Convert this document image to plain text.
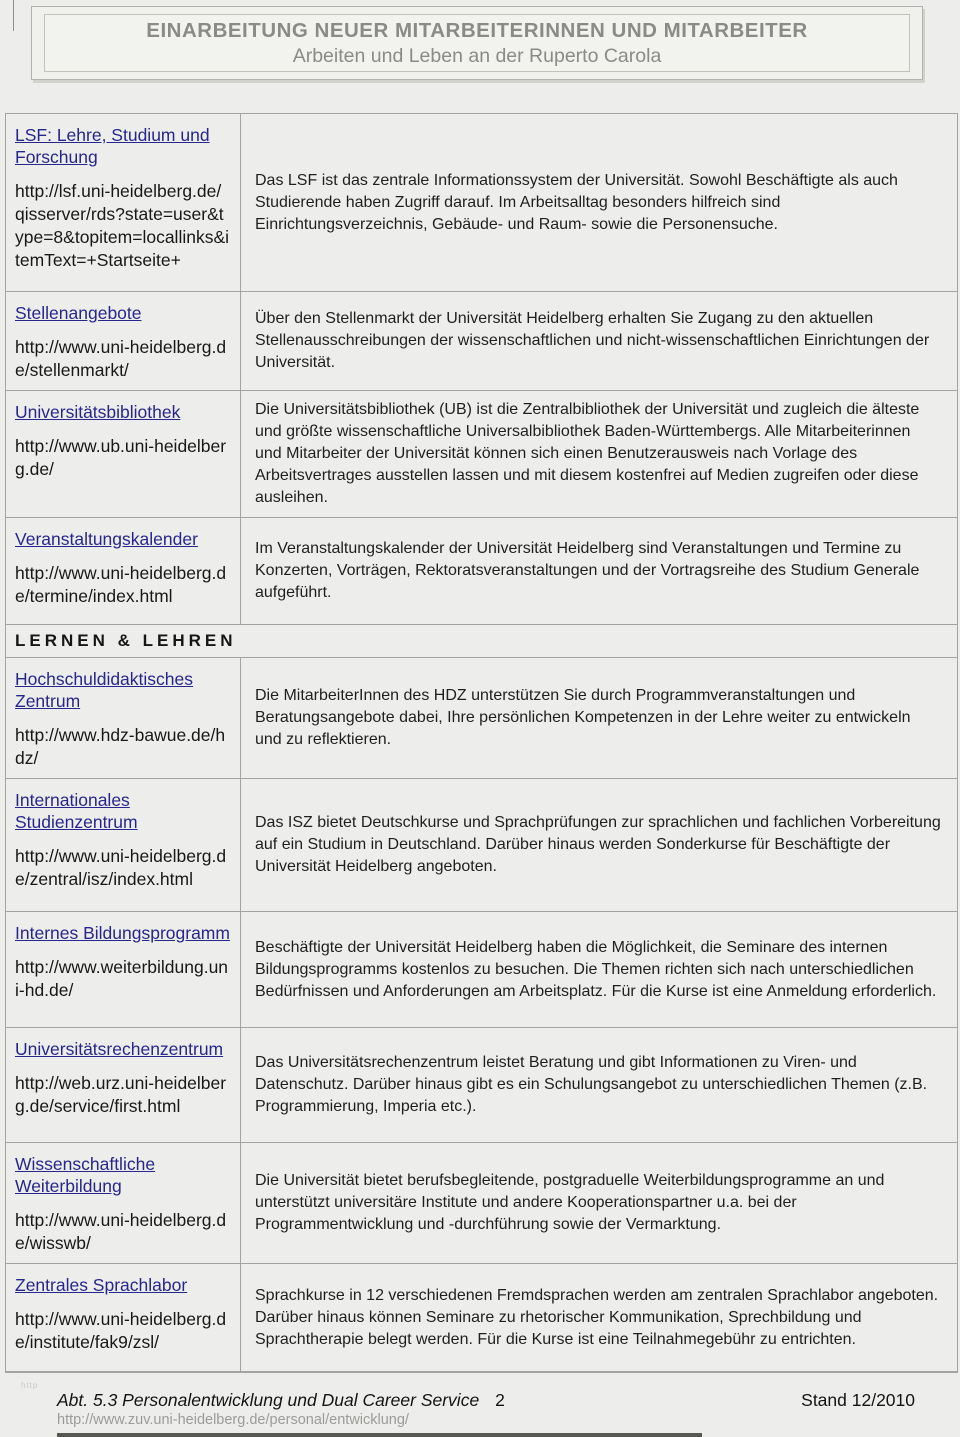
EINARBEITUNG NEUER MITARBEITERINNEN UND MITARBEITER
Arbeiten und Leben an der Ruperto Carola
LSF: Lehre, Studium und Forschung
http://lsf.uni-heidelberg.de/qisserver/rds?state=user&type=8&topitem=locallinks&itemText=+Startseite+

Das LSF ist das zentrale Informationssystem der Universität. Sowohl Beschäftigte als auch Studierende haben Zugriff darauf. Im Arbeitsalltag besonders hilfreich sind Einrichtungsverzeichnis, Gebäude- und Raum- sowie die Personensuche.

Stellenangebote
http://www.uni-heidelberg.de/stellenmarkt/

Über den Stellenmarkt der Universität Heidelberg erhalten Sie Zugang zu den aktuellen Stellenausschreibungen der wissenschaftlichen und nicht-wissenschaftlichen Einrichtungen der Universität.

Universitätsbibliothek
http://www.ub.uni-heidelberg.de/

Die Universitätsbibliothek (UB) ist die Zentralbibliothek der Universität und zugleich die älteste und größte wissenschaftliche Universalbibliothek Baden-Württembergs. Alle Mitarbeiterinnen und Mitarbeiter der Universität können sich einen Benutzerausweis nach Vorlage des Arbeitsvertrages ausstellen lassen und mit diesem kostenfrei auf Medien zugreifen oder diese ausleihen.

Veranstaltungskalender
http://www.uni-heidelberg.de/termine/index.html

Im Veranstaltungskalender der Universität Heidelberg sind Veranstaltungen und Termine zu Konzerten, Vorträgen, Rektoratsveranstaltungen und der Vortragsreihe des Studium Generale aufgeführt.

LERNEN & LEHREN
Hochschuldidaktisches Zentrum
http://www.hdz-bawue.de/hdz/

Die MitarbeiterInnen des HDZ unterstützen Sie durch Programmveranstaltungen und Beratungsangebote dabei, Ihre persönlichen Kompetenzen in der Lehre weiter zu entwickeln und zu reflektieren.

Internationales Studienzentrum
http://www.uni-heidelberg.de/zentral/isz/index.html

Das ISZ bietet Deutschkurse und Sprachprüfungen zur sprachlichen und fachlichen Vorbereitung auf ein Studium in Deutschland. Darüber hinaus werden Sonderkurse für Beschäftigte der Universität Heidelberg angeboten.

Internes Bildungsprogramm
http://www.weiterbildung.uni-hd.de/

Beschäftigte der Universität Heidelberg haben die Möglichkeit, die Seminare des internen Bildungsprogramms kostenlos zu besuchen. Die Themen richten sich nach unterschiedlichen Bedürfnissen und Anforderungen am Arbeitsplatz. Für die Kurse ist eine Anmeldung erforderlich.

Universitätsrechenzentrum
http://web.urz.uni-heidelberg.de/service/first.html

Das Universitätsrechenzentrum leistet Beratung und gibt Informationen zu Viren- und Datenschutz. Darüber hinaus gibt es ein Schulungsangebot zu unterschiedlichen Themen (z.B. Programmierung, Imperia etc.).

Wissenschaftliche Weiterbildung
http://www.uni-heidelberg.de/wisswb/

Die Universität bietet berufsbegleitende, postgraduelle Weiterbildungsprogramme an und unterstützt universitäre Institute und andere Kooperationspartner u.a. bei der Programmentwicklung und -durchführung sowie der Vermarktung.

Zentrales Sprachlabor
http://www.uni-heidelberg.de/institute/fak9/zsl/

Sprachkurse in 12 verschiedenen Fremdsprachen werden am zentralen Sprachlabor angeboten. Darüber hinaus können Seminare zu rhetorischer Kommunikation, Sprechbildung und Sprachtherapie belegt werden. Für die Kurse ist eine Teilnahmegebühr zu entrichten.

http
Abt. 5.3 Personalentwicklung und Dual Career Service 2	Stand 12/2010
http://www.zuv.uni-heidelberg.de/personal/entwicklung/
